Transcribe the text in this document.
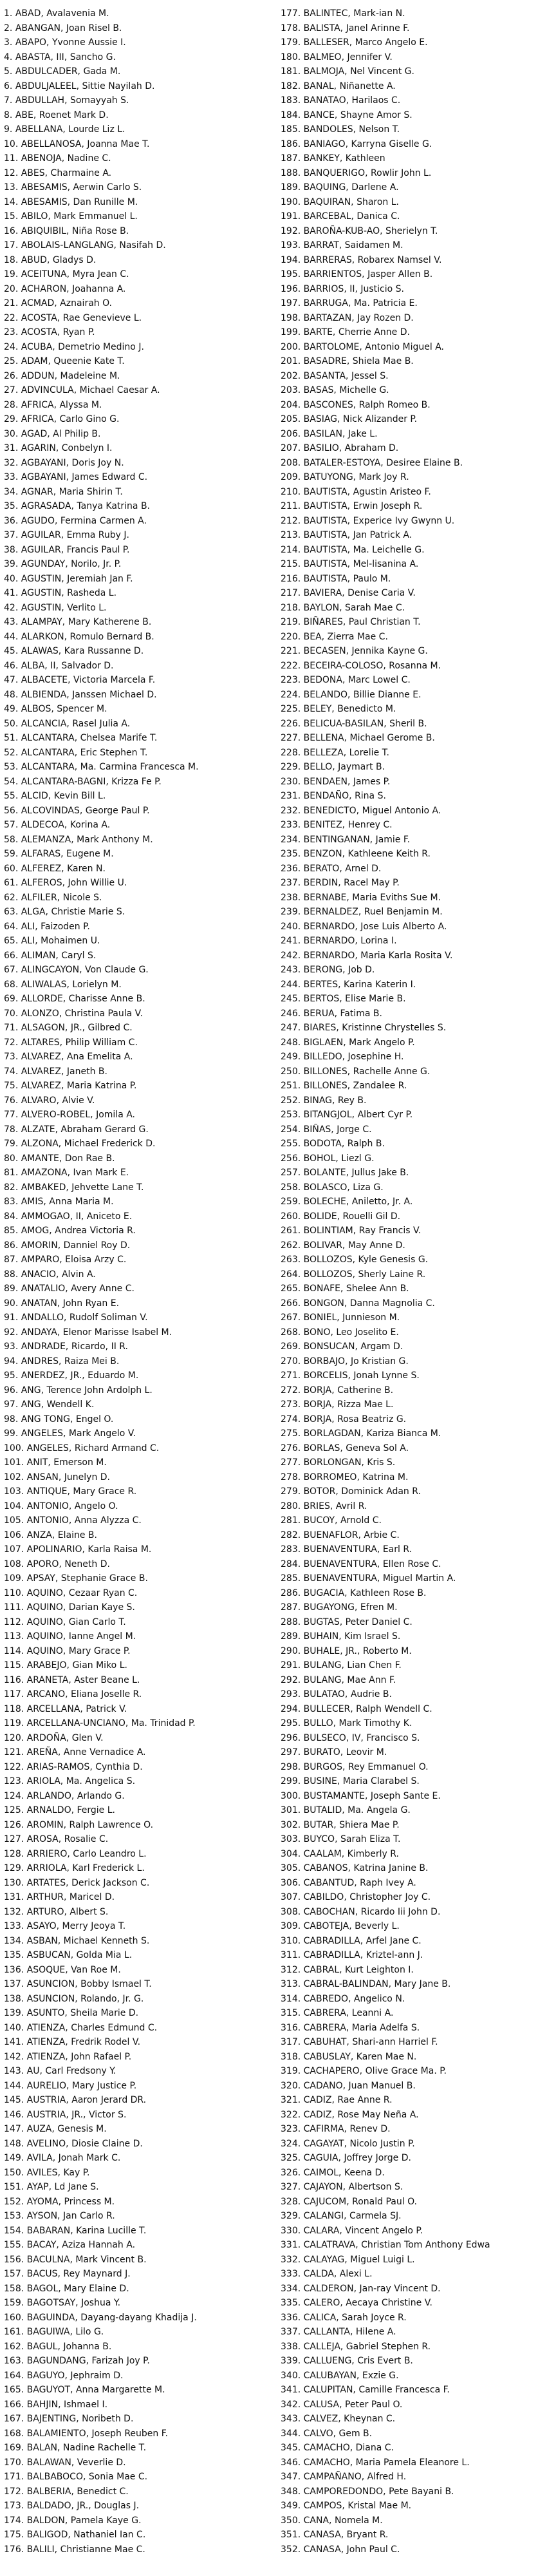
1 . ABAD, Avalavenia M.
2 . ABANGAN, Joan Risel B.
3 . ABAPO, Yvonne Aussie I.
4 . ABASTA, III, Sancho G.
5 . ABDULCADER, Gada M.
6 . ABDULJALEEL, Sittie Nayilah D.
7 . ABDULLAH, Somayyah S.
8 . ABE, Roenet Mark D.
9 . ABELLANA, Lourde Liz L.
10 . ABELLANOSA, Joanna Mae T.
11 . ABENOJA, Nadine C.
12 . ABES, Charmaine A.
13 . ABESAMIS, Aerwin Carlo S.
14 . ABESAMIS, Dan Runille M.
15 . ABILO, Mark Emmanuel L.
16 . ABIQUIBIL, Niña Rose B.
17 . ABOLAIS-LANGLANG, Nasifah D.
18 . ABUD, Gladys D.
19 . ACEITUNA, Myra Jean C.
20 . ACHARON, Joahanna A.
21 . ACMAD, Aznairah O.
22 . ACOSTA, Rae Genevieve L.
23 . ACOSTA, Ryan P.
24 . ACUBA, Demetrio Medino J.
25 . ADAM, Queenie Kate T.
26 . ADDUN, Madeleine M.
27 . ADVINCULA, Michael Caesar A.
28 . AFRICA, Alyssa M.
29 . AFRICA, Carlo Gino G.
30 . AGAD, Al Philip B.
31 . AGARIN, Conbelyn I.
32 . AGBAYANI, Doris Joy N.
33 . AGBAYANI, James Edward C.
34 . AGNAR, Maria Shirin T.
35 . AGRASADA, Tanya Katrina B.
36 . AGUDO, Fermina Carmen A.
37 . AGUILAR, Emma Ruby J.
38 . AGUILAR, Francis Paul P.
39 . AGUNDAY, Norilo, Jr. P.
40 . AGUSTIN, Jeremiah Jan F.
41 . AGUSTIN, Rasheda L.
42 . AGUSTIN, Verlito L.
43 . ALAMPAY, Mary Katherene B.
44 . ALARKON, Romulo Bernard B.
45 . ALAWAS, Kara Russanne D.
46 . ALBA, II, Salvador D.
47 . ALBACETE, Victoria Marcela F.
48 . ALBIENDA, Janssen Michael D.
49 . ALBOS, Spencer M.
50 . ALCANCIA, Rasel Julia A.
51 . ALCANTARA, Chelsea Marife T.
52 . ALCANTARA, Eric Stephen T.
53 . ALCANTARA, Ma. Carmina Francesca M.
54 . ALCANTARA-BAGNI, Krizza Fe P.
55 . ALCID, Kevin Bill L.
56 . ALCOVINDAS, George Paul P.
57 . ALDECOA, Korina A.
58 . ALEMANZA, Mark Anthony M.
59 . ALFARAS, Eugene M.
60 . ALFEREZ, Karen N.
61 . ALFEROS, John Willie U.
62 . ALFILER, Nicole S.
63 . ALGA, Christie Marie S.
64 . ALI, Faizoden P.
65 . ALI, Mohaimen U.
66 . ALIMAN, Caryl S.
67 . ALINGCAYON, Von Claude G.
68 . ALIWALAS, Lorielyn M.
69 . ALLORDE, Charisse Anne B.
70 . ALONZO, Christina Paula V.
71 . ALSAGON, JR., Gilbred C.
72 . ALTARES, Philip William C.
73 . ALVAREZ, Ana Emelita A.
74 . ALVAREZ, Janeth B.
75 . ALVAREZ, Maria Katrina P.
76 . ALVARO, Alvie V.
77 . ALVERO-ROBEL, Jomila A.
78 . ALZATE, Abraham Gerard G.
79 . ALZONA, Michael Frederick D.
80 . AMANTE, Don Rae B.
81 . AMAZONA, Ivan Mark E.
82 . AMBAKED, Jehvette Lane T.
83 . AMIS, Anna Maria M.
84 . AMMOGAO, II, Aniceto E.
85 . AMOG, Andrea Victoria R.
86 . AMORIN, Danniel Roy D.
87 . AMPARO, Eloisa Arzy C.
88 . ANACIO, Alvin A.
89 . ANATALIO, Avery Anne C.
90 . ANATAN, John Ryan E.
91 . ANDALLO, Rudolf Soliman V.
92 . ANDAYA, Elenor Marisse Isabel M.
93 . ANDRADE, Ricardo, II R.
94 . ANDRES, Raiza Mei B.
95 . ANERDEZ, JR., Eduardo M.
96 . ANG, Terence John Ardolph L.
97 . ANG, Wendell K.
98 . ANG TONG, Engel O.
99 . ANGELES, Mark Angelo V.
100 . ANGELES, Richard Armand C.
101 . ANIT, Emerson M.
102 . ANSAN, Junelyn D.
103 . ANTIQUE, Mary Grace R.
104 . ANTONIO, Angelo O.
105 . ANTONIO, Anna Alyzza C.
106 . ANZA, Elaine B.
107 . APOLINARIO, Karla Raisa M.
108 . APORO, Neneth D.
109 . APSAY, Stephanie Grace B.
110 . AQUINO, Cezaar Ryan C.
111 . AQUINO, Darian Kaye S.
112 . AQUINO, Gian Carlo T.
113 . AQUINO, Ianne Angel M.
114 . AQUINO, Mary Grace P.
115 . ARABEJO, Gian Miko L.
116 . ARANETA, Aster Beane L.
117 . ARCANO, Eliana Joselle R.
118 . ARCELLANA, Patrick V.
119 . ARCELLANA-UNCIANO, Ma. Trinidad P.
120 . ARDOÑA, Glen V.
121 . AREÑA, Anne Vernadice A.
122 . ARIAS-RAMOS, Cynthia D.
123 . ARIOLA, Ma. Angelica S.
124 . ARLANDO, Arlando G.
125 . ARNALDO, Fergie L.
126 . AROMIN, Ralph Lawrence O.
127 . AROSA, Rosalie C.
128 . ARRIERO, Carlo Leandro L.
129 . ARRIOLA, Karl Frederick L.
130 . ARTATES, Derick Jackson C.
131 . ARTHUR, Maricel D.
132 . ARTURO, Albert S.
133 . ASAYO, Merry Jeoya T.
134 . ASBAN, Michael Kenneth S.
135 . ASBUCAN, Golda Mia L.
136 . ASOQUE, Van Roe M.
137 . ASUNCION, Bobby Ismael T.
138 . ASUNCION, Rolando, Jr. G.
139 . ASUNTO, Sheila Marie D.
140 . ATIENZA, Charles Edmund C.
141 . ATIENZA, Fredrik Rodel V.
142 . ATIENZA, John Rafael P.
143 . AU, Carl Fredsony Y.
144 . AURELIO, Mary Justice P.
145 . AUSTRIA, Aaron Jerard DR.
146 . AUSTRIA, JR., Victor S.
147 . AUZA, Genesis M.
148 . AVELINO, Diosie Claine D.
149 . AVILA, Jonah Mark C.
150 . AVILES, Kay P.
151 . AYAP, Ld Jane S.
152 . AYOMA, Princess M.
153 . AYSON, Jan Carlo R.
154 . BABARAN, Karina Lucille T.
155 . BACAY, Aziza Hannah A.
156 . BACULNA, Mark Vincent B.
157 . BACUS, Rey Maynard J.
158 . BAGOL, Mary Elaine D.
159 . BAGOTSAY, Joshua Y.
160 . BAGUINDA, Dayang-dayang Khadija J.
161 . BAGUIWA, Lilo G.
162 . BAGUL, Johanna B.
163 . BAGUNDANG, Farizah Joy P.
164 . BAGUYO, Jephraim D.
165 . BAGUYOT, Anna Margarette M.
166 . BAHJIN, Ishmael I.
167 . BAJENTING, Noribeth D.
168 . BALAMIENTO, Joseph Reuben F.
169 . BALAN, Nadine Rachelle T.
170 . BALAWAN, Veverlie D.
171 . BALBABOCO, Sonia Mae C.
172 . BALBERIA, Benedict C.
173 . BALDADO, JR., Douglas J.
174 . BALDON, Pamela Kaye G.
175 . BALIGOD, Nathaniel Ian C.
176 . BALILI, Christianne Mae C.
177 . BALINTEC, Mark-ian N.
178 . BALISTA, Janel Arinne F.
179 . BALLESER, Marco Angelo E.
180 . BALMEO, Jennifer V.
181 . BALMOJA, Nel Vincent G.
182 . BANAL, Niñanette A.
183 . BANATAO, Harilaos C.
184 . BANCE, Shayne Amor S.
185 . BANDOLES, Nelson T.
186 . BANIAGO, Karryna Giselle G.
187 . BANKEY, Kathleen
188 . BANQUERIGO, Rowlir John L.
189 . BAQUING, Darlene A.
190 . BAQUIRAN, Sharon L.
191 . BARCEBAL, Danica C.
192 . BAROÑA-KUB-AO, Sherielyn T.
193 . BARRAT, Saidamen M.
194 . BARRERAS, Robarex Namsel V.
195 . BARRIENTOS, Jasper Allen B.
196 . BARRIOS, II, Justicio S.
197 . BARRUGA, Ma. Patricia E.
198 . BARTAZAN, Jay Rozen D.
199 . BARTE, Cherrie Anne D.
200 . BARTOLOME, Antonio Miguel A.
201 . BASADRE, Shiela Mae B.
202 . BASANTA, Jessel S.
203 . BASAS, Michelle G.
204 . BASCONES, Ralph Romeo B.
205 . BASIAG, Nick Alizander P.
206 . BASILAN, Jake L.
207 . BASILIO, Abraham D.
208 . BATALER-ESTOYA, Desiree Elaine B.
209 . BATUYONG, Mark Joy R.
210 . BAUTISTA, Agustin Aristeo F.
211 . BAUTISTA, Erwin Joseph R.
212 . BAUTISTA, Experice Ivy Gwynn U.
213 . BAUTISTA, Jan Patrick A.
214 . BAUTISTA, Ma. Leichelle G.
215 . BAUTISTA, Mel-lisanina A.
216 . BAUTISTA, Paulo M.
217 . BAVIERA, Denise Caria V.
218 . BAYLON, Sarah Mae C.
219 . BIÑARES, Paul Christian T.
220 . BEA, Zierra Mae C.
221 . BECASEN, Jennika Kayne G.
222 . BECEIRA-COLOSO, Rosanna M.
223 . BEDONA, Marc Lowel C.
224 . BELANDO, Billie Dianne E.
225 . BELEY, Benedicto M.
226 . BELICUA-BASILAN, Sheril B.
227 . BELLENA, Michael Gerome B.
228 . BELLEZA, Lorelie T.
229 . BELLO, Jaymart B.
230 . BENDAEN, James P.
231 . BENDAÑO, Rina S.
232 . BENEDICTO, Miguel Antonio A.
233 . BENITEZ, Henrey C.
234 . BENTINGANAN, Jamie F.
235 . BENZON, Kathleene Keith R.
236 . BERATO, Arnel D.
237 . BERDIN, Racel May P.
238 . BERNABE, Maria Eviths Sue M.
239 . BERNALDEZ, Ruel Benjamin M.
240 . BERNARDO, Jose Luis Alberto A.
241 . BERNARDO, Lorina I.
242 . BERNARDO, Maria Karla Rosita V.
243 . BERONG, Job D.
244 . BERTES, Karina Katerin I.
245 . BERTOS, Elise Marie B.
246 . BERUA, Fatima B.
247 . BIARES, Kristinne Chrystelles S.
248 . BIGLAEN, Mark Angelo P.
249 . BILLEDO, Josephine H.
250 . BILLONES, Rachelle Anne G.
251 . BILLONES, Zandalee R.
252 . BINAG, Rey B.
253 . BITANGJOL, Albert Cyr P.
254 . BIÑAS, Jorge C.
255 . BODOTA, Ralph B.
256 . BOHOL, Liezl G.
257 . BOLANTE, Jullus Jake B.
258 . BOLASCO, Liza G.
259 . BOLECHE, Aniletto, Jr. A.
260 . BOLIDE, Rouelli Gil D.
261 . BOLINTIAM, Ray Francis V.
262 . BOLIVAR, May Anne D.
263 . BOLLOZOS, Kyle Genesis G.
264 . BOLLOZOS, Sherly Laine R.
265 . BONAFE, Shelee Ann B.
266 . BONGON, Danna Magnolia C.
267 . BONIEL, Junnieson M.
268 . BONO, Leo Joselito E.
269 . BONSUCAN, Argam D.
270 . BORBAJO, Jo Kristian G.
271 . BORCELIS, Jonah Lynne S.
272 . BORJA, Catherine B.
273 . BORJA, Rizza Mae L.
274 . BORJA, Rosa Beatriz G.
275 . BORLAGDAN, Kariza Bianca M.
276 . BORLAS, Geneva Sol A.
277 . BORLONGAN, Kris S.
278 . BORROMEO, Katrina M.
279 . BOTOR, Dominick Adan R.
280 . BRIES, Avril R.
281 . BUCOY, Arnold C.
282 . BUENAFLOR, Arbie C.
283 . BUENAVENTURA, Earl R.
284 . BUENAVENTURA, Ellen Rose C.
285 . BUENAVENTURA, Miguel Martin A.
286 . BUGACIA, Kathleen Rose B.
287 . BUGAYONG, Efren M.
288 . BUGTAS, Peter Daniel C.
289 . BUHAIN, Kim Israel S.
290 . BUHALE, JR., Roberto M.
291 . BULANG, Lian Chen F.
292 . BULANG, Mae Ann F.
293 . BULATAO, Audrie B.
294 . BULLECER, Ralph Wendell C.
295 . BULLO, Mark Timothy K.
296 . BULSECO, IV, Francisco S.
297 . BURATO, Leovir M.
298 . BURGOS, Rey Emmanuel O.
299 . BUSINE, Maria Clarabel S.
300 . BUSTAMANTE, Joseph Sante E.
301 . BUTALID, Ma. Angela G.
302 . BUTAR, Shiera Mae P.
303 . BUYCO, Sarah Eliza T.
304 . CAALAM, Kimberly R.
305 . CABANOS, Katrina Janine B.
306 . CABANTUD, Raph Ivey A.
307 . CABILDO, Christopher Joy C.
308 . CABOCHAN, Ricardo Iii John D.
309 . CABOTEJA, Beverly L.
310 . CABRADILLA, Arfel Jane C.
311 . CABRADILLA, Kriztel-ann J.
312 . CABRAL, Kurt Leighton I.
313 . CABRAL-BALINDAN, Mary Jane B.
314 . CABREDO, Angelico N.
315 . CABRERA, Leanni A.
316 . CABRERA, Maria Adelfa S.
317 . CABUHAT, Shari-ann Harriel F.
318 . CABUSLAY, Karen Mae N.
319 . CACHAPERO, Olive Grace Ma. P.
320 . CADANO, Juan Manuel B.
321 . CADIZ, Rae Anne R.
322 . CADIZ, Rose May Neña A.
323 . CAFIRMA, Renev D.
324 . CAGAYAT, Nicolo Justin P.
325 . CAGUIA, Joffrey Jorge D.
326 . CAIMOL, Keena D.
327 . CAJAYON, Albertson S.
328 . CAJUCOM, Ronald Paul O.
329 . CALANGI, Carmela SJ.
330 . CALARA, Vincent Angelo P.
331 . CALATRAVA, Christian Tom Anthony Edwa
332 . CALAYAG, Miguel Luigi L.
333 . CALDA, Alexi L.
334 . CALDERON, Jan-ray Vincent D.
335 . CALERO, Aecaya Christine V.
336 . CALICA, Sarah Joyce R.
337 . CALLANTA, Hilene A.
338 . CALLEJA, Gabriel Stephen R.
339 . CALLUENG, Cris Evert B.
340 . CALUBAYAN, Exzie G.
341 . CALUPITAN, Camille Francesca F.
342 . CALUSA, Peter Paul O.
343 . CALVEZ, Kheynan C.
344 . CALVO, Gem B.
345 . CAMACHO, Diana C.
346 . CAMACHO, Maria Pamela Eleanore L.
347 . CAMPAÑANO, Alfred H.
348 . CAMPOREDONDO, Pete Bayani B.
349 . CAMPOS, Kristal Mae M.
350 . CANA, Nomela M.
351 . CANASA, Bryant R.
352 . CANASA, John Paul C.
